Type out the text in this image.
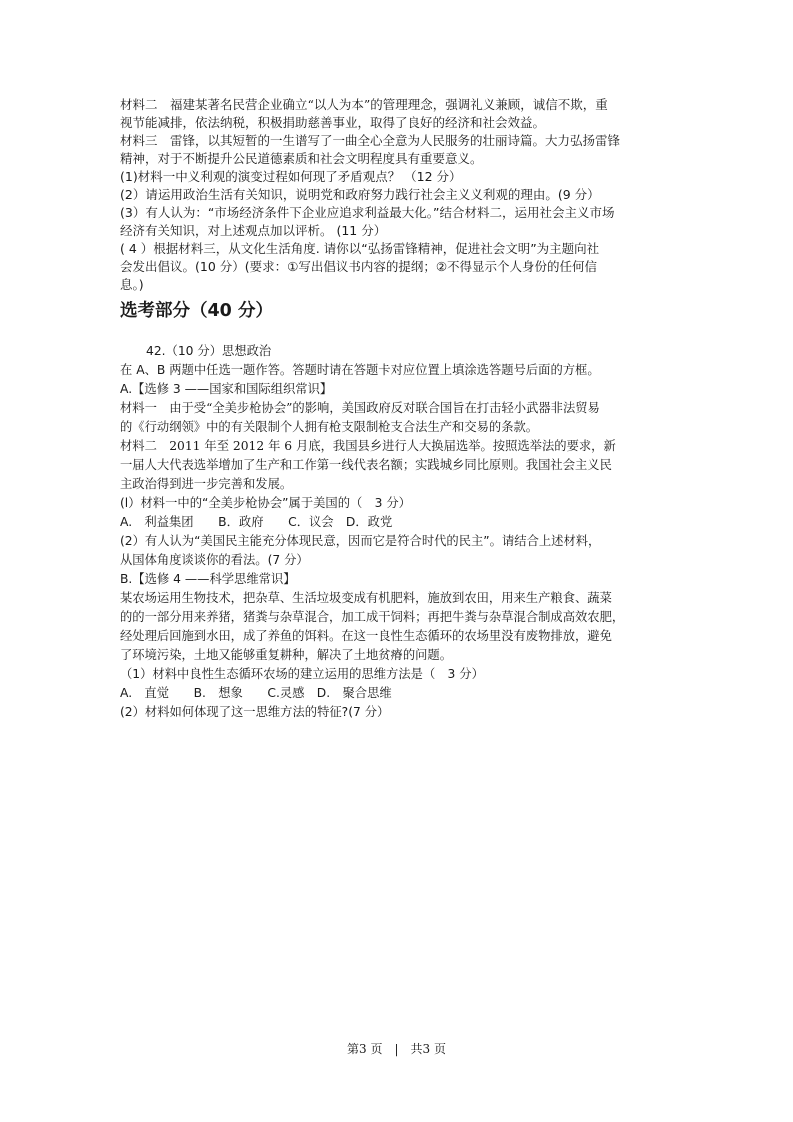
材料二　福建某著名民营企业确立“以人为本”的管理理念，强调礼义兼顾，诚信不欺，重
视节能减排，依法纳税，积极捐助慈善事业，取得了良好的经济和社会效益。
材料三　雷锋，以其短暂的一生谱写了一曲全心全意为人民服务的壮丽诗篇。大力弘扬雷锋
精神，对于不断提升公民道德素质和社会文明程度具有重要意义。
(1)材料一中义利观的演变过程如何现了矛盾观点？ （12 分）
(2）请运用政治生活有关知识，说明党和政府努力践行社会主义义利观的理由。(9 分）
(3）有人认为：“市场经济条件下企业应追求利益最大化。”结合材料二，运用社会主义市场
经济有关知识，对上述观点加以评析。 (11 分）
( 4 ）根据材料三，从文化生活角度. 请你以“弘扬雷锋精神，促进社会文明”为主题向社
会发出倡议。(10 分）(要求：①写出倡议书内容的提纲；②不得显示个人身份的任何信
息。)
选考部分（40 分）
42.（10 分）思想政治
在 A、B 两题中任选一题作答。答题时请在答题卡对应位置上填涂选答题号后面的方框。
A.【选修 3 ——国家和国际组织常识】
材料一　由于受“全美步枪协会”的影响，美国政府反对联合国旨在打击轻小武器非法贸易
的《行动纲领》中的有关限制个人拥有枪支限制枪支合法生产和交易的条款。
材料二　2011 年至 2012 年 6 月底，我国县乡进行人大换届选举。按照选举法的要求，新
一届人大代表选举增加了生产和工作第一线代表名额；实践城乡同比原则。我国社会主义民
主政治得到进一步完善和发展。
(l）材料一中的“全美步枪协会”属于美国的（　3 分）
A.　利益集团　　B．政府　　C．议会　D．政党
(2）有人认为“美国民主能充分体现民意，因而它是符合时代的民主”。请结合上述材料，
从国体角度谈谈你的看法。(7 分）
B.【选修 4 ——科学思维常识】
某农场运用生物技术，把杂草、生活垃圾变成有机肥料，施放到农田，用来生产粮食、蔬菜
的的一部分用来养猪，猪粪与杂草混合，加工成干饲料；再把牛粪与杂草混合制成高效农肥，
经处理后回施到水田，成了养鱼的饵料。在这一良性生态循环的农场里没有废物排放，避免
了环境污染，土地又能够重复耕种，解决了土地贫瘠的问题。
（1）材料中良性生态循环农场的建立运用的思维方法是（　3 分）
A.　直觉　　B.　想象　　C.灵感　D.　聚合思维
(2）材料如何体现了这一思维方法的特征?(7 分）
第3 页　|　共3 页
